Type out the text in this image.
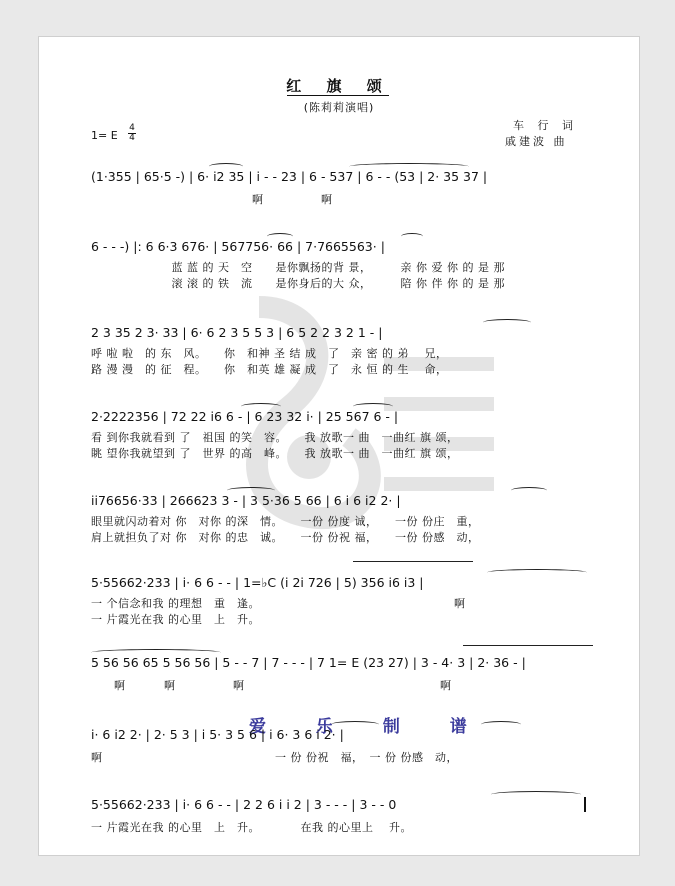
红 旗 颂
(陈莉莉演唱)
车 行 词
戚建波 曲
1= E
4
4
(1·355 | 65·5 -) | 6· i2 35 | i - - 23 | 6 - 537 | 6 - - (53 | 2· 35 37 |
　　　　　　　　　　　　　　啊　　　　　啊
6 - - -) |: 6 6·3 676· | 567756· 66 | 7·7665563· |
　　　　　　　蓝 蓝 的 天　空　　是你飘扬的背 景，　　　亲 你 爱 你 的 是 那
　　　　　　　滚 滚 的 铁　流　　是你身后的大 众，　　　陪 你 伴 你 的 是 那
2 3 35 2 3· 33 | 6· 6 2 3 5 5 3 | 6 5 2 2 3 2 1 - |
呼 啦 啦　的 东　风。　　你　和神 圣 结 成　了　亲 密 的 弟　 兄，
路 漫 漫　的 征　程。　　你　和英 雄 凝 成　了　永 恒 的 生　 命，
2·2222356 | 72 22 i6 6 - | 6 23 32 i· | 25 567 6 - |
看 到你我就看到 了　祖国 的笑　容。　　我 放歌一 曲　一曲红 旗 颂，
眺 望你我就望到 了　世界 的高　峰。　　我 放歌一 曲　一曲红 旗 颂，
ii76656·33 | 266623 3 - | 3 5·36 5 66 | 6 i 6 i2 2· |
眼里就闪动着对 你　对你 的深　情。　　一份 份度 诚，　　一份 份庄　重，
肩上就担负了对 你　对你 的忠　诚。　　一份 份祝 福，　　一份 份感　动，
5·55662·233 | i· 6 6 - - | 1=♭C (i 2i 726 | 5) 356 i6 i3 |
一 个信念和我 的理想　重　逢。　　　　　　　　　　　　　　　　　 啊
一 片霞光在我 的心里　上　升。
5 56 56 65 5 56 56 | 5 - - 7 | 7 - - - | 7 1= E (23 27) | 3 - 4· 3 | 2· 36 - |
　　啊　　　 啊　　　　　啊　　　　　　　　　　　　　　　　　啊
爱 乐 制 谱
i· 6 i2 2· | 2· 5 3 | i 5· 3 5 6 | i 6· 3 6 i 2· |
啊　　　　　　　　　　　　　　　一 份 份祝　福，　一 份 份感　动，
5·55662·233 | i· 6 6 - - | 2 2 6 i i 2 | 3 - - - | 3 - - 0
一 片霞光在我 的心里　上　升。　　　　在我 的心里上　 升。
